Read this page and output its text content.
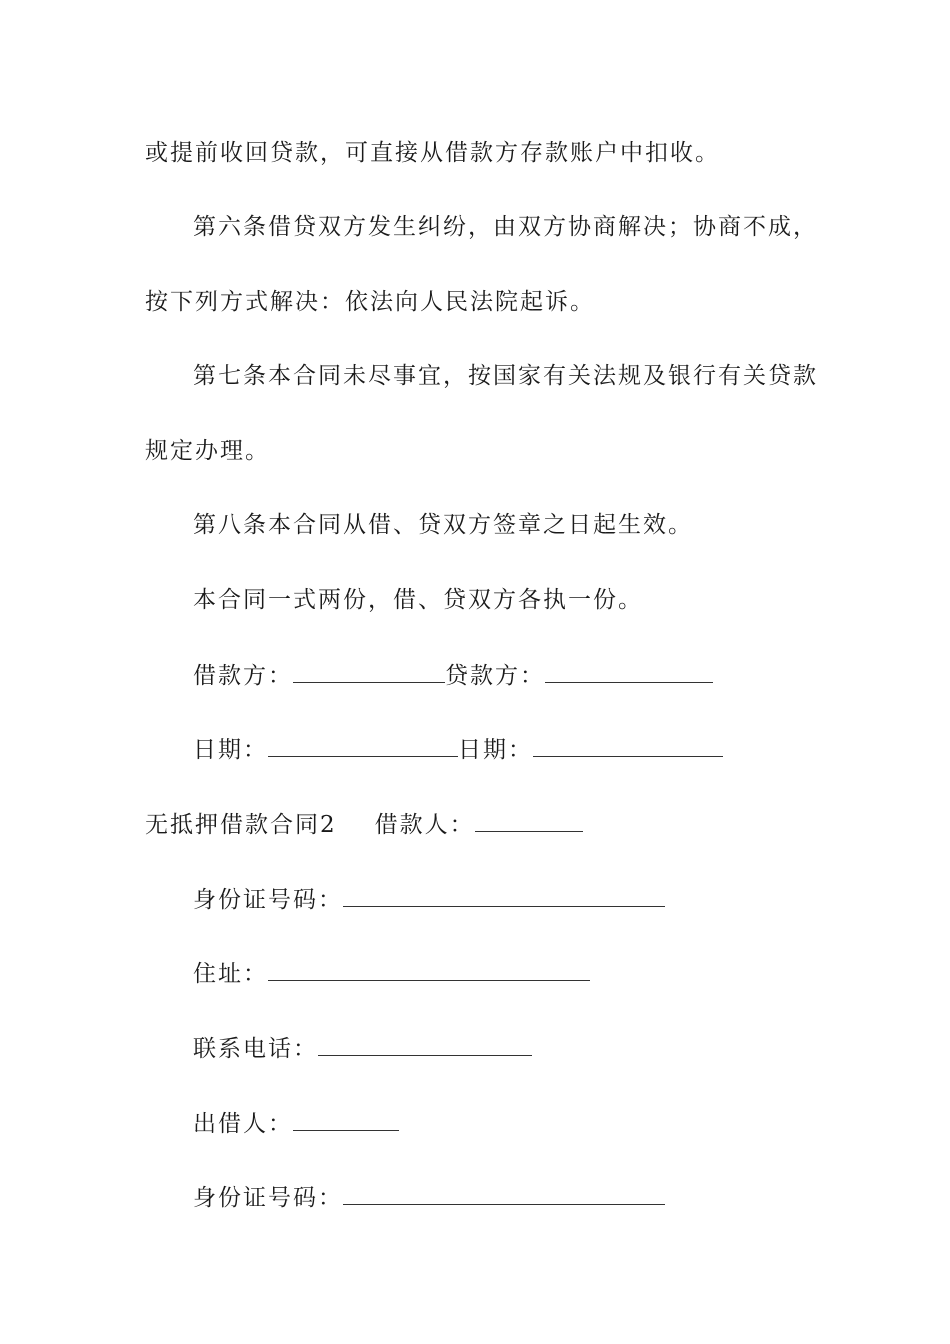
或提前收回贷款，可直接从借款方存款账户中扣收。
第六条借贷双方发生纠纷，由双方协商解决；协商不成，
按下列方式解决：依法向人民法院起诉。
第七条本合同未尽事宜，按国家有关法规及银行有关贷款
规定办理。
第八条本合同从借、贷双方签章之日起生效。
本合同一式两份，借、贷双方各执一份。
借款方：	贷款方：
日期：	日期：
无抵押借款合同2 借款人：
身份证号码：
住址：
联系电话：
出借人：
身份证号码：
